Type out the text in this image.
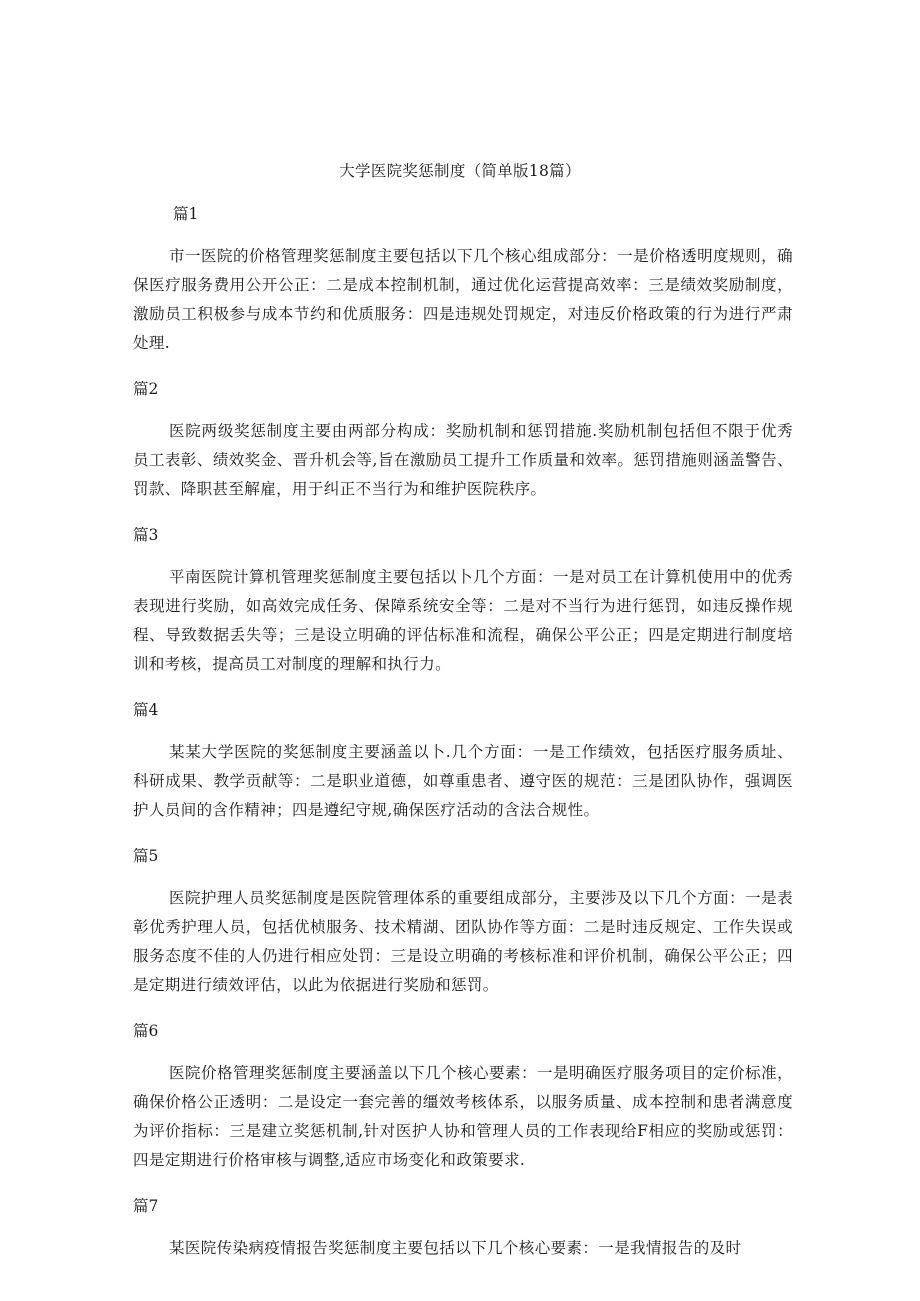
大学医院奖惩制度（简单版18篇）
篇1

市一医院的价格管理奖惩制度主要包括以下几个核心组成部分：一是价格透明度规则，确保医疗服务费用公开公正：二是成本控制机制，通过优化运营提高效率：三是绩效奖励制度，激励员工积极参与成本节约和优质服务：四是违规处罚规定，对违反价格政策的行为进行严肃处理.

篇2

医院两级奖惩制度主要由两部分构成：奖励机制和惩罚措施.奖励机制包括但不限于优秀员工表彰、绩效奖金、晋升机会等,旨在激励员工提升工作质量和效率。惩罚措施则涵盖警告、罚款、降职甚至解雇，用于纠正不当行为和维护医院秩序。

篇3

平南医院计算机管理奖惩制度主要包括以卜几个方面：一是对员工在计算机使用中的优秀表现进行奖励，如高效完成任务、保障系统安全等：二是对不当行为进行惩罚，如违反操作规程、导致数据丢失等；三是设立明确的评估标准和流程，确保公平公正；四是定期进行制度培训和考核，提高员工对制度的理解和执行力。

篇4

某某大学医院的奖惩制度主要涵盖以卜.几个方面：一是工作绩效，包括医疗服务质址、科研成果、教学贡献等：二是职业道德，如尊重患者、遵守医的规范：三是团队协作，强调医护人员间的含作精神；四是遵纪守规,确保医疗活动的含法合规性。

篇5

医院护理人员奖惩制度是医院管理体系的重要组成部分，主要涉及以下几个方面：一是表彰优秀护理人员，包括优桢服务、技术精湖、团队协作等方面：二是时违反规定、工作失误或服务态度不佳的人仍进行相应处罚：三是设立明确的考核标准和评价机制，确保公平公正；四是定期进行绩效评估，以此为依据进行奖励和惩罚。

篇6

医院价格管理奖惩制度主要涵盖以下几个核心要素：一是明确医疗服务项目的定价标准，确保价格公正透明：二是设定一套完善的缰效考核体系，以服务质量、成本控制和患者满意度为评价指标：三是建立奖惩机制,针对医护人协和管理人员的工作表现给F相应的奖励或惩罚：四是定期进行价格审核与调整,适应市场变化和政策要求.

篇7

某医院传染病疫情报告奖惩制度主要包括以下几个核心要素：一是我情报告的及时
